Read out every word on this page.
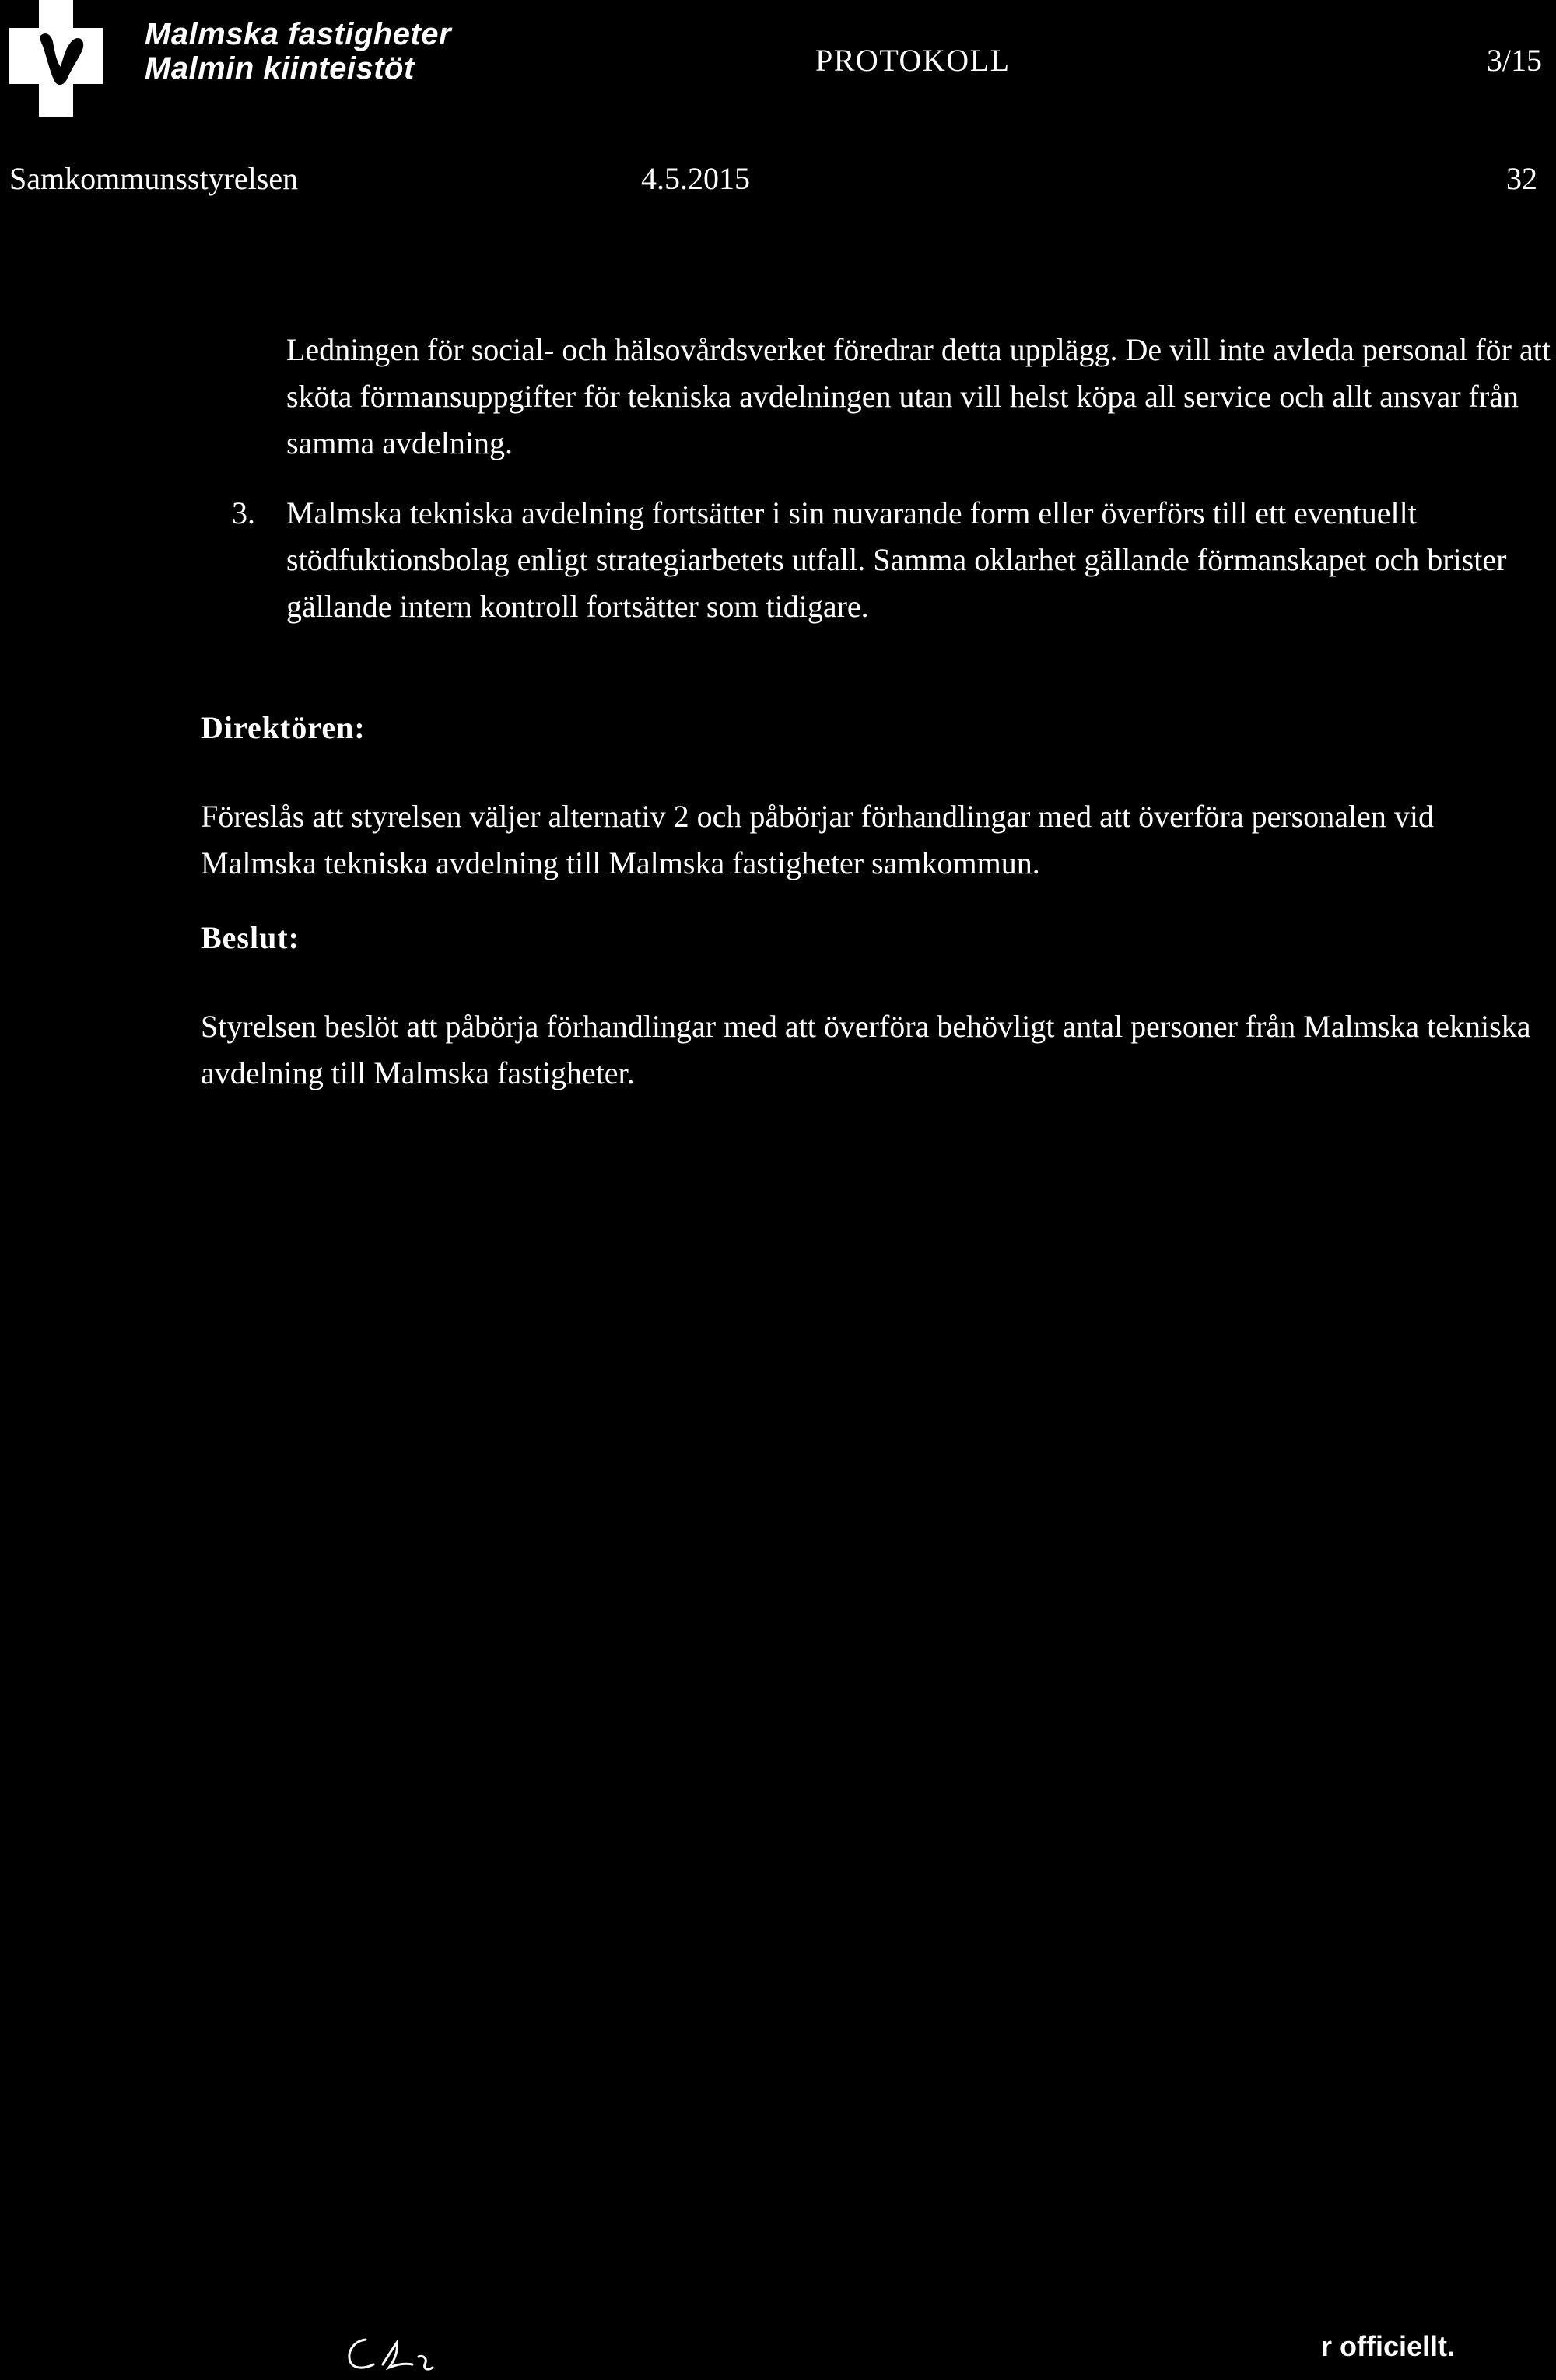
Malmska fastigheter
Malmin kiinteistöt	PROTOKOLL	3/15
Samkommunsstyrelsen	4.5.2015	32
Ledningen för social- och hälsovårdsverket föredrar detta upplägg. De vill inte avleda personal för att sköta förmansuppgifter för tekniska avdelningen utan vill helst köpa all service och allt ansvar från samma avdelning.
3. Malmska tekniska avdelning fortsätter i sin nuvarande form eller överförs till ett eventuellt stödfuktionsbolag enligt strategiarbetets utfall. Samma oklarhet gällande förmanskapet och brister gällande intern kontroll fortsätter som tidigare.
Direktören:
Föreslås att styrelsen väljer alternativ 2 och påbörjar förhandlingar med att överföra personalen vid Malmska tekniska avdelning till Malmska fastigheter samkommun.
Beslut:
Styrelsen beslöt att påbörja förhandlingar med att överföra behövligt antal personer från Malmska tekniska avdelning till Malmska fastigheter.
r officiellt.
